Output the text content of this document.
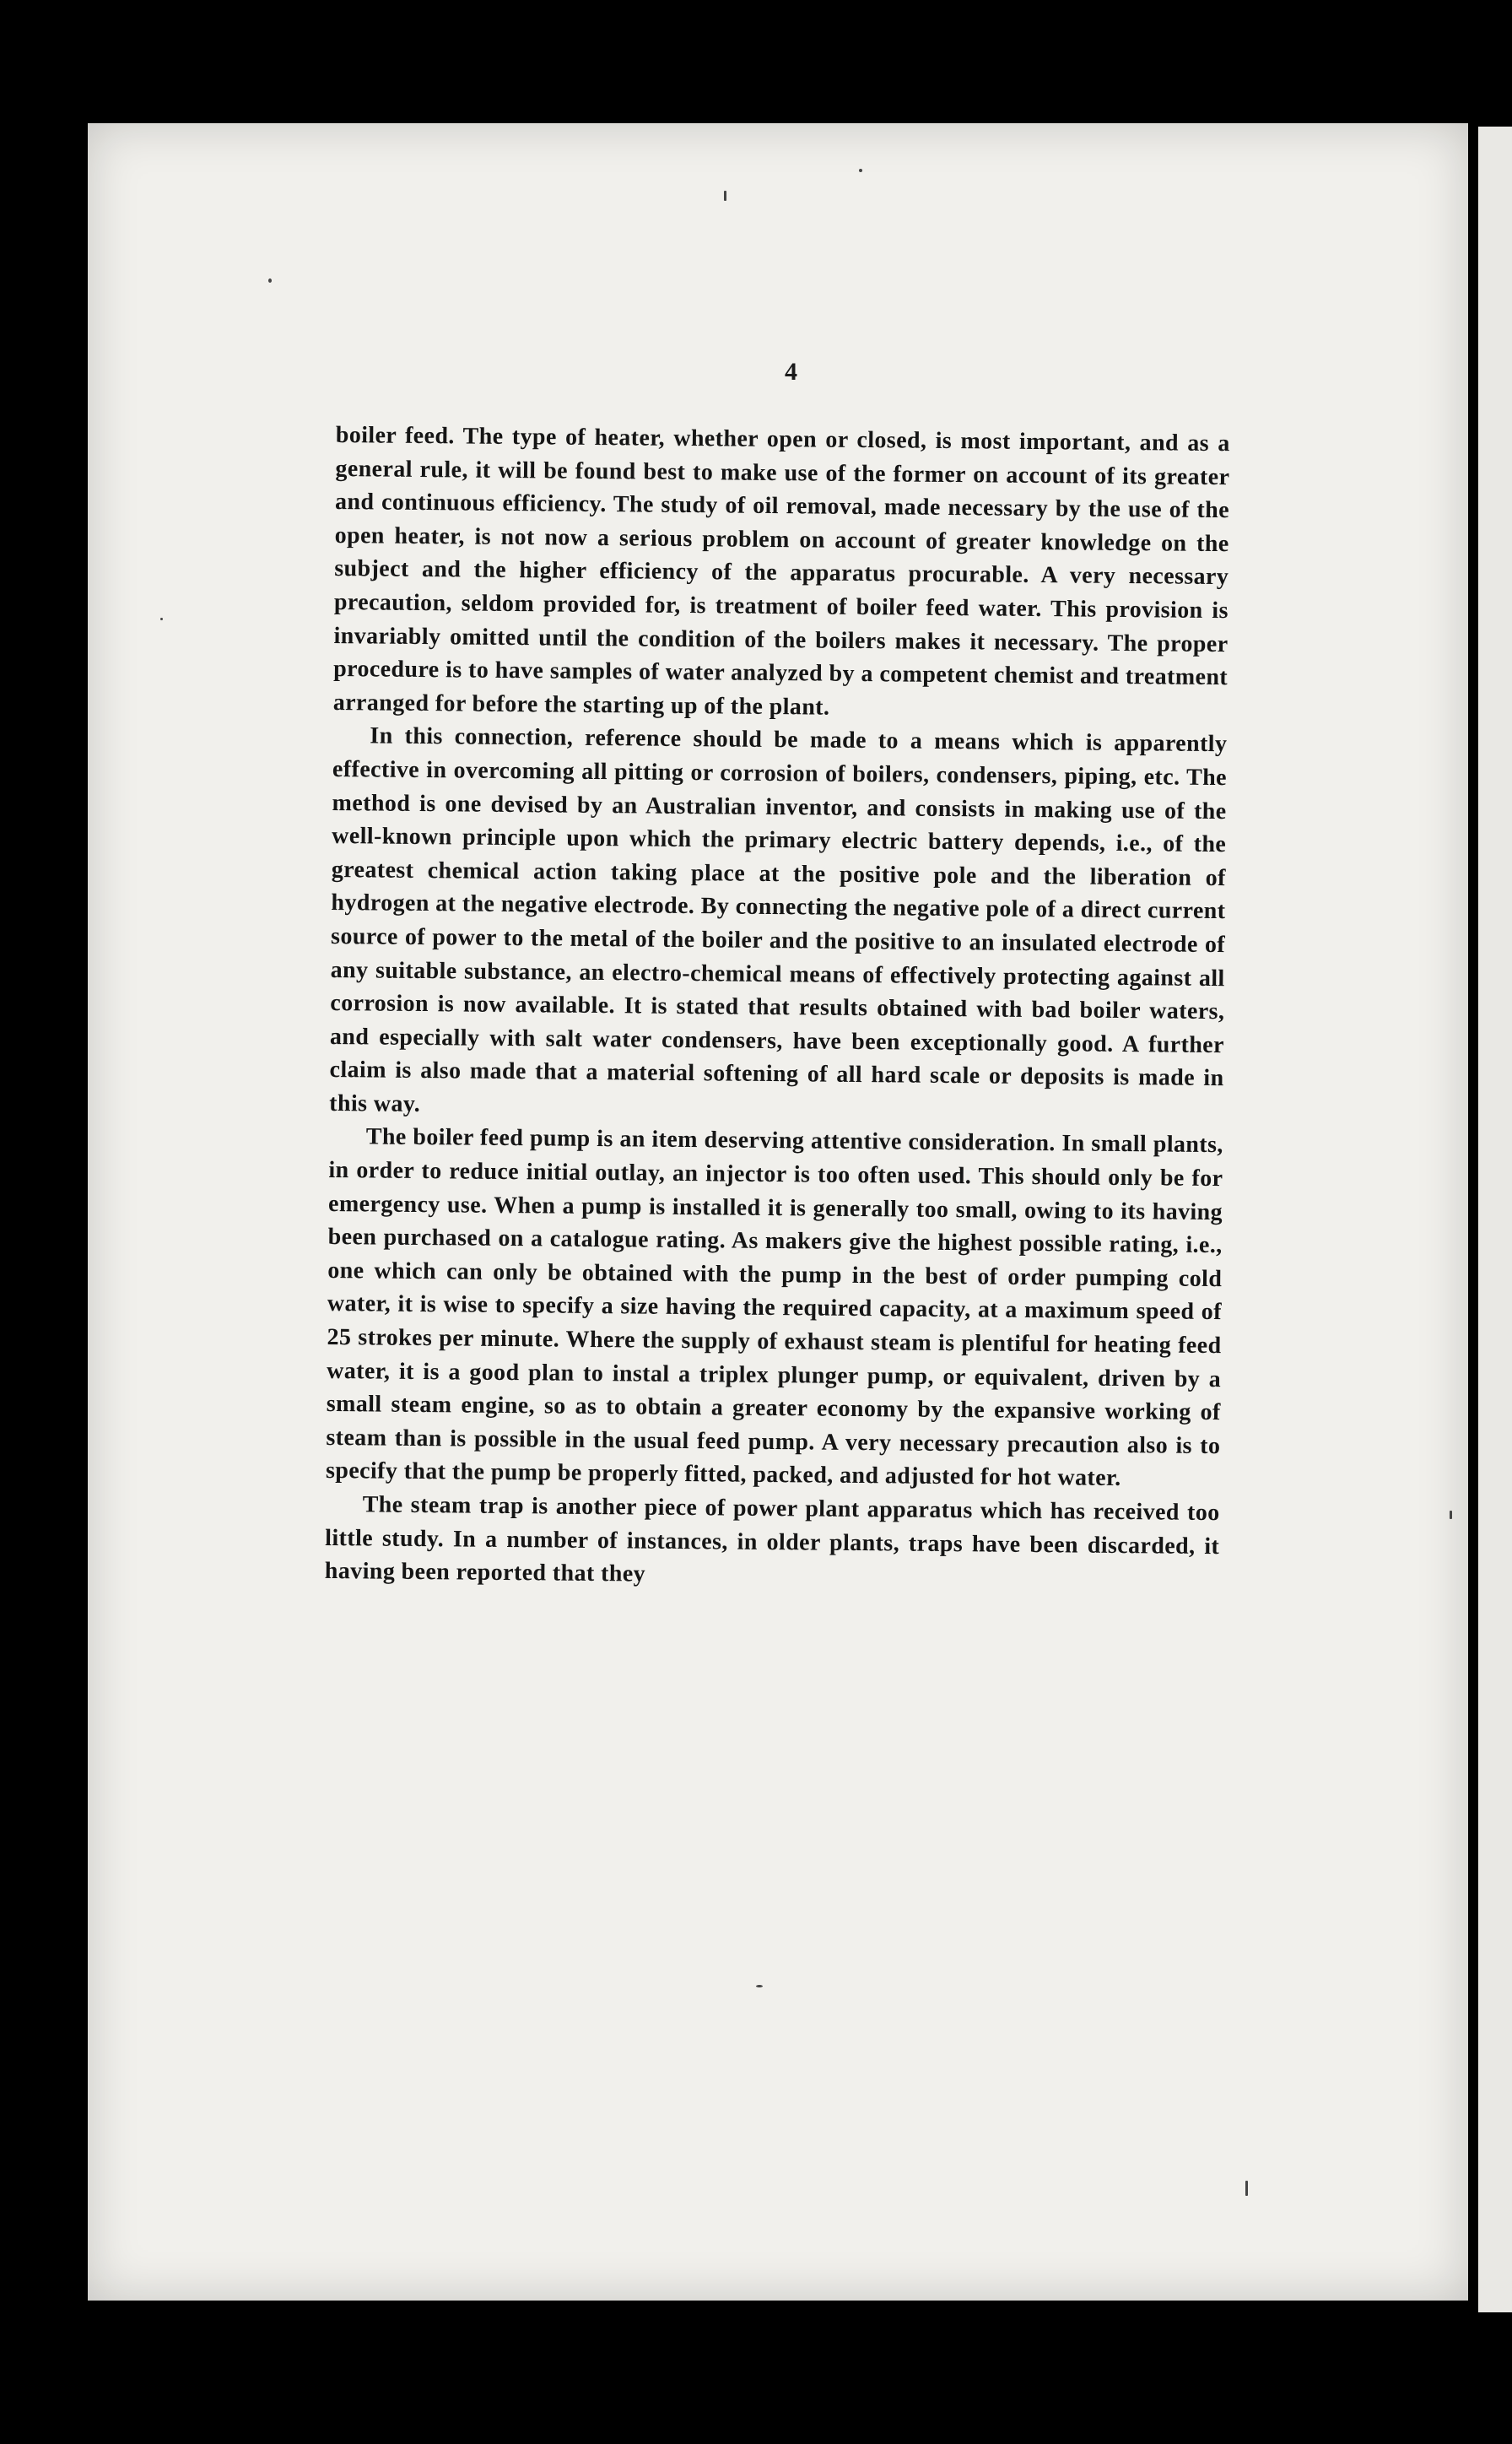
4

boiler feed. The type of heater, whether open or closed, is most important, and as a general rule, it will be found best to make use of the former on account of its greater and continuous efficiency. The study of oil removal, made necessary by the use of the open heater, is not now a serious problem on account of greater knowledge on the subject and the higher efficiency of the apparatus procurable. A very necessary precaution, seldom provided for, is treatment of boiler feed water. This provision is invariably omitted until the condition of the boilers makes it necessary. The proper procedure is to have samples of water analyzed by a competent chemist and treatment arranged for before the starting up of the plant.

In this connection, reference should be made to a means which is apparently effective in overcoming all pitting or corrosion of boilers, condensers, piping, etc. The method is one devised by an Australian inventor, and consists in making use of the well-known principle upon which the primary electric battery depends, i.e., of the greatest chemical action taking place at the positive pole and the liberation of hydrogen at the negative electrode. By connecting the negative pole of a direct current source of power to the metal of the boiler and the positive to an insulated electrode of any suitable substance, an electro-chemical means of effectively protecting against all corrosion is now available. It is stated that results obtained with bad boiler waters, and especially with salt water condensers, have been exceptionally good. A further claim is also made that a material softening of all hard scale or deposits is made in this way.

The boiler feed pump is an item deserving attentive consideration. In small plants, in order to reduce initial outlay, an injector is too often used. This should only be for emergency use. When a pump is installed it is generally too small, owing to its having been purchased on a catalogue rating. As makers give the highest possible rating, i.e., one which can only be obtained with the pump in the best of order pumping cold water, it is wise to specify a size having the required capacity, at a maximum speed of 25 strokes per minute. Where the supply of exhaust steam is plentiful for heating feed water, it is a good plan to instal a triplex plunger pump, or equivalent, driven by a small steam engine, so as to obtain a greater economy by the expansive working of steam than is possible in the usual feed pump. A very necessary precaution also is to specify that the pump be properly fitted, packed, and adjusted for hot water.

The steam trap is another piece of power plant apparatus which has received too little study. In a number of instances, in older plants, traps have been discarded, it having been reported that they
